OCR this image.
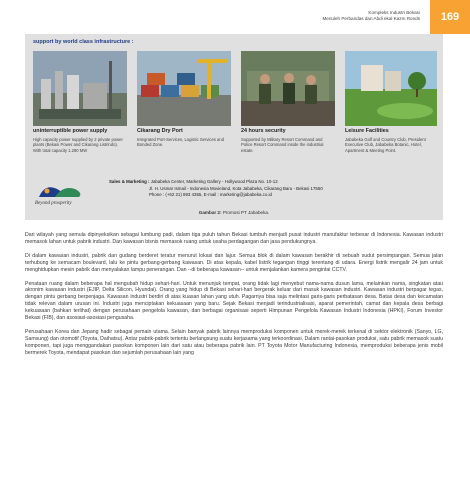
Kompleks Industri Bekasi
Menuleh Perbandas dan Abdi ekal Kazm Ronds	169
support by world class infrastructure :
uninterruptible power supply
High capacity power supplied by 2 private power plants (Bekasi Power and Cikarang Listrindo). With total capacity 1.280 MW
Cikarang Dry Port
Integrated Port-Services, Logistic Services and Bonded Zone.
24 hours security
Supported by Military Resort Command and Police Resort Command inside the industrial estate.
Leisure Facilities
Jababeka Golf and Country Club, President Executive Club, Jababeka Botanic, Hotel, Apartment & Meeting Point.
Beyond prosperity
Sales & Marketing : Jababeka Center, Marketing Gallery - Hollywood Plaza No. 10-12
Jl. H. Usmar Ismail - Indonesia Movieland, Kota Jababeka, Cikarang Baru - Bekasi 17550
Phone : (+62 21) 893 4355, E-mail : marketing@jababeka.co.id
Gambar 2: Promosi PT Jababeka.

Dari wilayah yang semula dipinyeksikan sebagai lumbung padi, dalam tiga puluh tahun Bekasi tumbuh menjadi pusat industri manufaktur terbesar di Indonesia. Kawasan industri memasok lahan untuk pabrik industri. Dan kawasan bisnis memasok ruang untuk usaha perdagangan dan jasa pendukungnya.

Di dalam kawasan industri, pabrik dan gudang berderet teratur menurut lokasi dan lajur. Semua blok di dalam kawasan berakhir di sebuah sudut persimpangan. Semua jalan terhubung ke semacam boulevard, lalu ke pintu gerbang-gerbang kawasan. Di atas kepala, kabel listrik tegangan tinggi terentang di udara. Energi listrik mengalir 24 jam untuk menghidupkan mesin pabrik dan menyalakan lampu penerangan. Dan --di beberapa kawasan-- untuk menjalankan kamera pengintai CCTV.

Penataan ruang dalam beberapa hal mengubah hidup sehari-hari. Untuk menunjuk tempat, orang tidak lagi menyebut nama-nama dusun lama, melainkan nama, singkatan atau akronim kawasan industri (EJIP, Delta Silicon, Hyundai). Orang yang hidup di Bekasi sehari-hari bergerak keluar dari masuk kawasan industri. Kawasan industri berpagar tegas, dengan pintu gerbang berpenjaga. Kawasan industri berdiri di atas kuasan lahan yang utuh. Pagarnya bisa saja melintasi garis-garis perbatasan desa. Batas desa dan kecamatan tidak relevan dalam urusan ini. Industri juga menciptakan kekuasaan yang baru. Sejak Bekasi menjadi terindustrialisasi, aparat pemerintah, camat dan kepala desa berbagi kekuasaan (bahkan terlihat) dengan perusahaan pengelola kawasan, dan berbagai organisasi seperti Himpunan Pengelola Kawasan Industri Indonesia (HPKI), Forum Investor Bekasi (FIB), dan asosiasi-asosiasi pengusaha.

Perusahaan Korea dan Jepang hadir sebagai pemain utama. Selain banyak pabrik lainnya memproduksi komponen untuk merek-merek terkenal di sektor elektronik (Sanyo, LG, Samsung) dan otomotif (Toyota, Daihatsu). Antar pabrik-pabrik tertentu berlangsung suatu kerjasama yang terkoordinasi. Dalam rantai-pasokan produksi, satu pabrik memasok suatu komponen, tapi juga menggandakan pasokan komponen lain dari satu atau beberapa pabrik lain. PT Toyota Motor Manufacturing Indonesia, memproduksi beberapa jenis mobil bermerek Toyota, mendapat pasokan dan sejumlah perusahaan lain yang
